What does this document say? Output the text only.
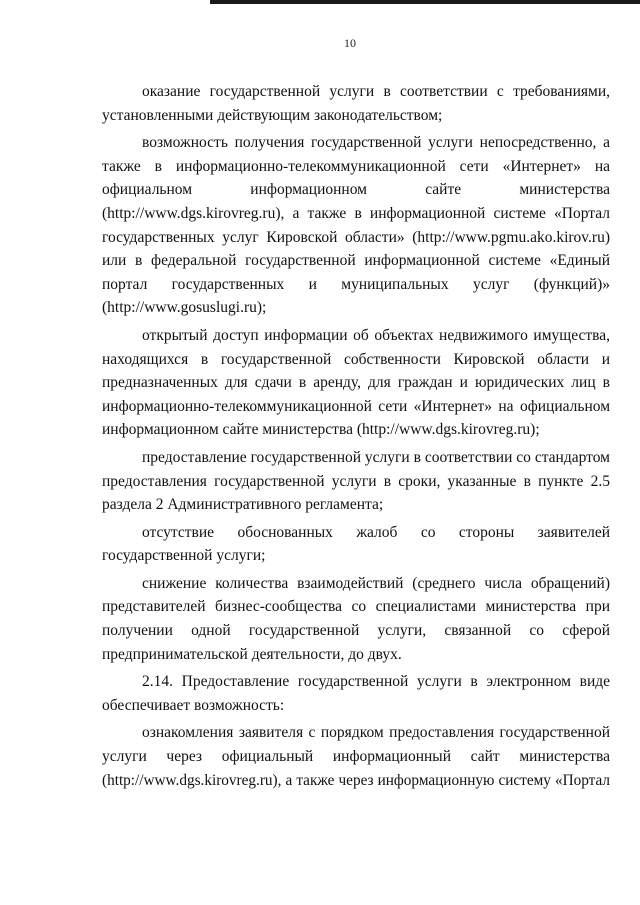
10
оказание государственной услуги в соответствии с требованиями,
установленными действующим законодательством;
возможность получения государственной услуги непосредственно, а
также в информационно-телекоммуникационной сети «Интернет» на
официальном информационном сайте министерства
(http://www.dgs.kirovreg.ru), а также в информационной системе «Портал
государственных услуг Кировской области» (http://www.pgmu.ako.kirov.ru)
или в федеральной государственной информационной системе «Единый
портал государственных и муниципальных услуг (функций)»
(http://www.gosuslugi.ru);
открытый доступ информации об объектах недвижимого имущества,
находящихся в государственной собственности Кировской области и
предназначенных для сдачи в аренду, для граждан и юридических лиц в
информационно-телекоммуникационной сети «Интернет» на официальном
информационном сайте министерства (http://www.dgs.kirovreg.ru);
предоставление государственной услуги в соответствии со стандартом
предоставления государственной услуги в сроки, указанные в пункте 2.5
раздела 2 Административного регламента;
отсутствие обоснованных жалоб со стороны заявителей
государственной услуги;
снижение количества взаимодействий (среднего числа обращений)
представителей бизнес-сообщества со специалистами министерства при
получении одной государственной услуги, связанной со сферой
предпринимательской деятельности, до двух.
2.14. Предоставление государственной услуги в электронном виде
обеспечивает возможность:
ознакомления заявителя с порядком предоставления государственной
услуги через официальный информационный сайт министерства
(http://www.dgs.kirovreg.ru), а также через информационную систему «Портал
